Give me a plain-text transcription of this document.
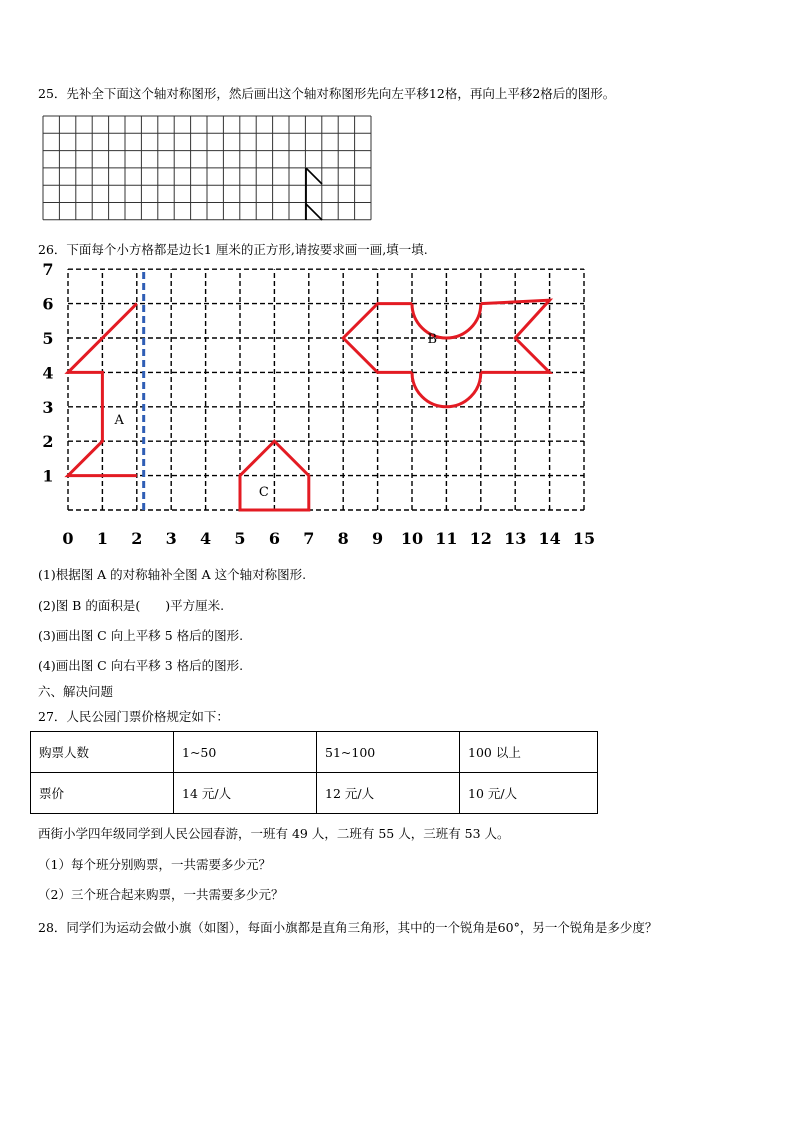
25．先补全下面这个轴对称图形，然后画出这个轴对称图形先向左平移12格，再向上平移2格后的图形。
26．下面每个小方格都是边长1 厘米的正方形,请按要求画一画,填一填.
0 1 2 3 4 5 6 7 8 9 10 11 12 13 14 15
1
2
3
4
5
6
7
A
B
C
(1)根据图 A 的对称轴补全图 A 这个轴对称图形.
(2)图 B 的面积是(　　)平方厘米.
(3)画出图 C 向上平移 5 格后的图形.
(4)画出图 C 向右平移 3 格后的图形.
六、解决问题
27．人民公园门票价格规定如下：
购票人数	1~50	51~100	100 以上
票价	14 元/人	12 元/人	10 元/人
西街小学四年级同学到人民公园春游，一班有 49 人，二班有 55 人，三班有 53 人。
（1）每个班分别购票，一共需要多少元？
（2）三个班合起来购票，一共需要多少元？
28．同学们为运动会做小旗（如图），每面小旗都是直角三角形，其中的一个锐角是60°，另一个锐角是多少度？
